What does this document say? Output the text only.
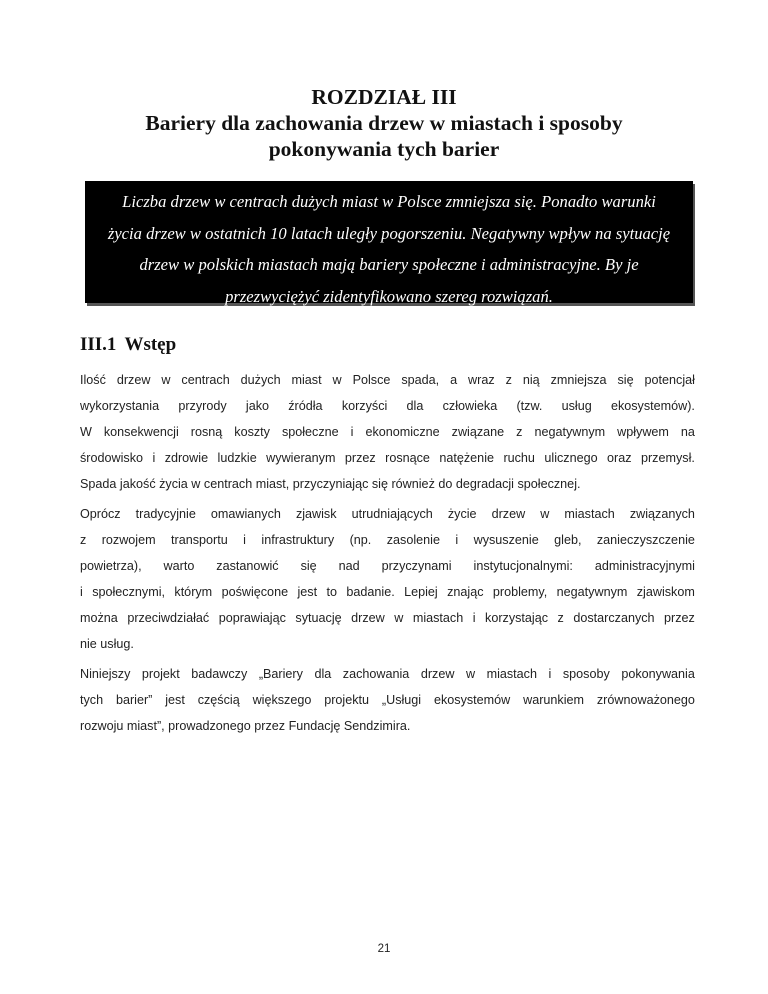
ROZDZIAŁ III
Bariery dla zachowania drzew w miastach i sposoby
pokonywania tych barier
Liczba drzew w centrach dużych miast w Polsce zmniejsza się. Ponadto warunki
życia drzew w ostatnich 10 latach uległy pogorszeniu. Negatywny wpływ na sytuację
drzew w polskich miastach mają bariery społeczne i administracyjne. By je
przezwyciężyć zidentyfikowano szereg rozwiązań.
III.1 Wstęp
Ilość drzew w centrach dużych miast w Polsce spada, a wraz z nią zmniejsza się potencjał
wykorzystania przyrody jako źródła korzyści dla człowieka (tzw. usług ekosystemów).
W konsekwencji rosną koszty społeczne i ekonomiczne związane z negatywnym wpływem na
środowisko i zdrowie ludzkie wywieranym przez rosnące natężenie ruchu ulicznego oraz przemysł.
Spada jakość życia w centrach miast, przyczyniając się również do degradacji społecznej.
Oprócz tradycyjnie omawianych zjawisk utrudniających życie drzew w miastach związanych
z rozwojem transportu i infrastruktury (np. zasolenie i wysuszenie gleb, zanieczyszczenie
powietrza), warto zastanowić się nad przyczynami instytucjonalnymi: administracyjnymi
i społecznymi, którym poświęcone jest to badanie. Lepiej znając problemy, negatywnym zjawiskom
można przeciwdziałać poprawiając sytuację drzew w miastach i korzystając z dostarczanych przez
nie usług.
Niniejszy projekt badawczy „Bariery dla zachowania drzew w miastach i sposoby pokonywania
tych barier” jest częścią większego projektu „Usługi ekosystemów warunkiem zrównoważonego
rozwoju miast”, prowadzonego przez Fundację Sendzimira.
21
